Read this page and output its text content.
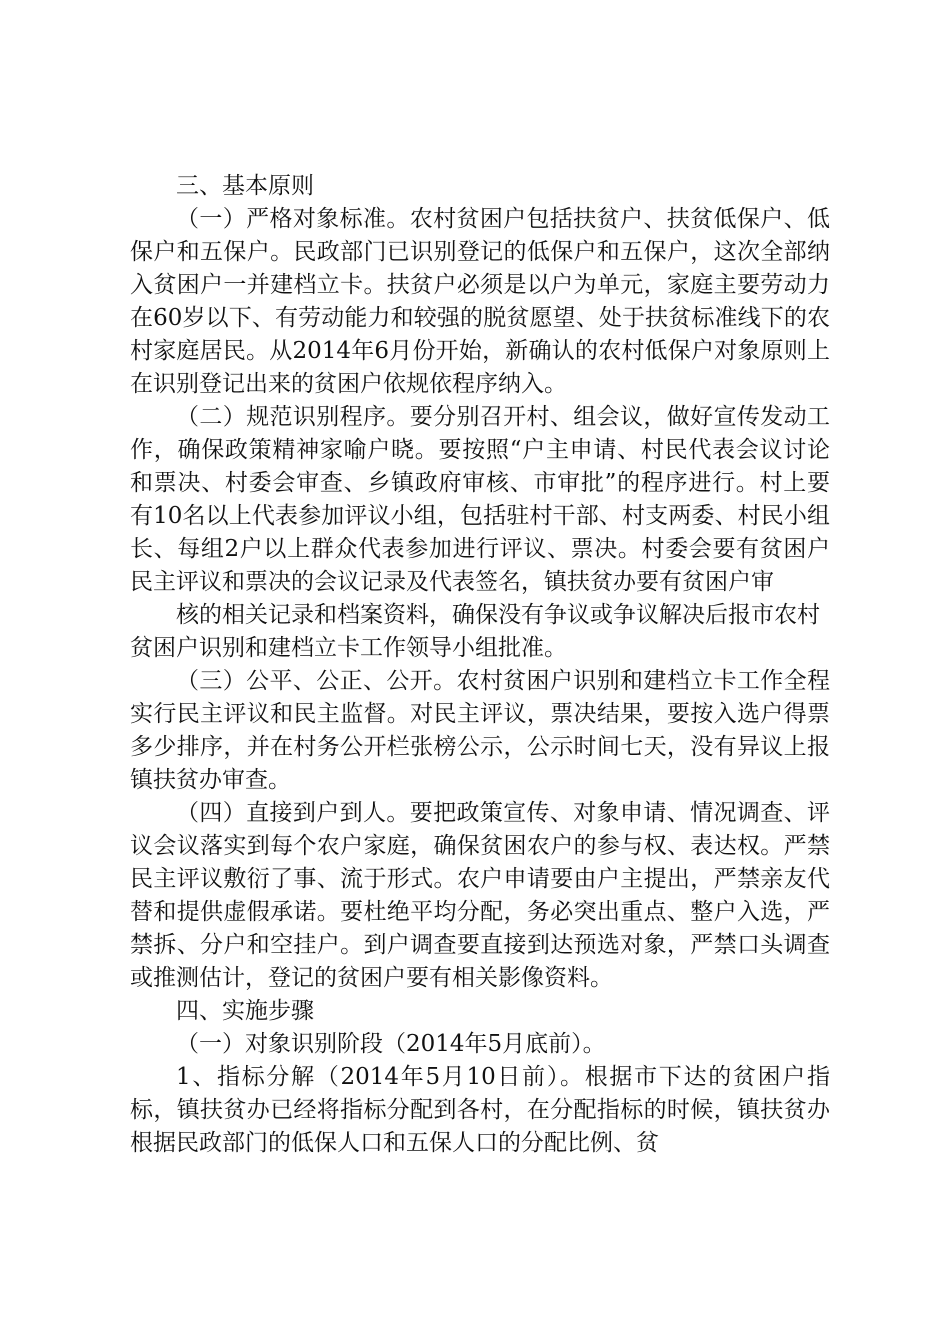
三、基本原则

（一）严格对象标准。农村贫困户包括扶贫户、扶贫低保户、低保户和五保户。民政部门已识别登记的低保户和五保户，这次全部纳入贫困户一并建档立卡。扶贫户必须是以户为单元，家庭主要劳动力在60岁以下、有劳动能力和较强的脱贫愿望、处于扶贫标准线下的农村家庭居民。从2014年6月份开始，新确认的农村低保户对象原则上在识别登记出来的贫困户依规依程序纳入。

（二）规范识别程序。要分别召开村、组会议，做好宣传发动工作，确保政策精神家喻户晓。要按照“户主申请、村民代表会议讨论和票决、村委会审查、乡镇政府审核、市审批”的程序进行。村上要有10名以上代表参加评议小组，包括驻村干部、村支两委、村民小组长、每组2户以上群众代表参加进行评议、票决。村委会要有贫困户民主评议和票决的会议记录及代表签名，镇扶贫办要有贫困户审

核的相关记录和档案资料，确保没有争议或争议解决后报市农村贫困户识别和建档立卡工作领导小组批准。

（三）公平、公正、公开。农村贫困户识别和建档立卡工作全程实行民主评议和民主监督。对民主评议，票决结果，要按入选户得票多少排序，并在村务公开栏张榜公示，公示时间七天，没有异议上报镇扶贫办审查。

（四）直接到户到人。要把政策宣传、对象申请、情况调查、评议会议落实到每个农户家庭，确保贫困农户的参与权、表达权。严禁民主评议敷衍了事、流于形式。农户申请要由户主提出，严禁亲友代替和提供虚假承诺。要杜绝平均分配，务必突出重点、整户入选，严禁拆、分户和空挂户。到户调查要直接到达预选对象，严禁口头调查或推测估计，登记的贫困户要有相关影像资料。

四、实施步骤

（一）对象识别阶段（2014年5月底前）。

1、指标分解（2014年5月10日前）。根据市下达的贫困户指标，镇扶贫办已经将指标分配到各村，在分配指标的时候，镇扶贫办根据民政部门的低保人口和五保人口的分配比例、贫
